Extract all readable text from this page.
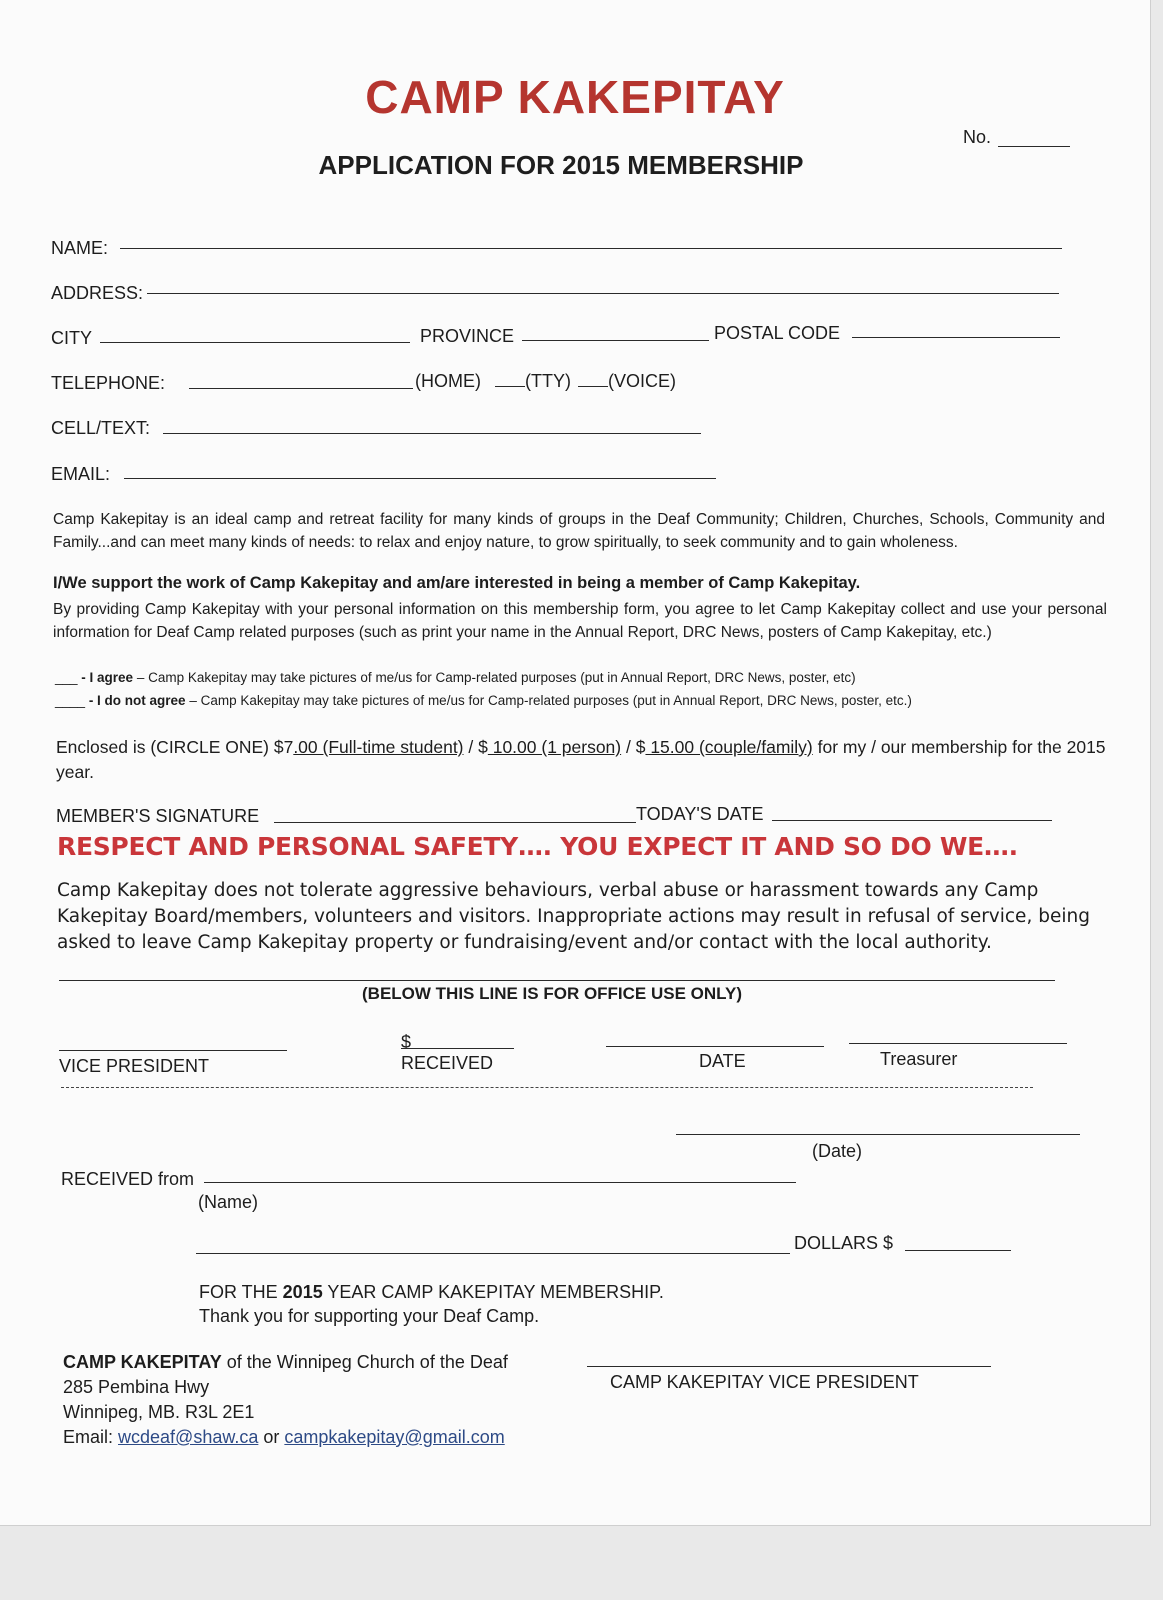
CAMP KAKEPITAY
APPLICATION FOR 2015 MEMBERSHIP
No.
NAME:
ADDRESS:
CITY	PROVINCE	POSTAL CODE
TELEPHONE:	(HOME) (TTY) (VOICE)
CELL/TEXT:
EMAIL:
Camp Kakepitay is an ideal camp and retreat facility for many kinds of groups in the Deaf Community; Children, Churches, Schools, Community and Family...and can meet many kinds of needs: to relax and enjoy nature, to grow spiritually, to seek community and to gain wholeness.
I/We support the work of Camp Kakepitay and am/are interested in being a member of Camp Kakepitay.
By providing Camp Kakepitay with your personal information on this membership form, you agree to let Camp Kakepitay collect and use your personal information for Deaf Camp related purposes (such as print your name in the Annual Report, DRC News, posters of Camp Kakepitay, etc.)
___ - I agree – Camp Kakepitay may take pictures of me/us for Camp-related purposes (put in Annual Report, DRC News, poster, etc)
____ - I do not agree – Camp Kakepitay may take pictures of me/us for Camp-related purposes (put in Annual Report, DRC News, poster, etc.)
Enclosed is (CIRCLE ONE) $7.00 (Full-time student) / $ 10.00 (1 person) / $ 15.00 (couple/family) for my / our membership for the 2015 year.
MEMBER'S SIGNATURE	TODAY'S DATE
RESPECT AND PERSONAL SAFETY…. YOU EXPECT IT AND SO DO WE….
Camp Kakepitay does not tolerate aggressive behaviours, verbal abuse or harassment towards any Camp Kakepitay Board/members, volunteers and visitors. Inappropriate actions may result in refusal of service, being asked to leave Camp Kakepitay property or fundraising/event and/or contact with the local authority.
(BELOW THIS LINE IS FOR OFFICE USE ONLY)
VICE PRESIDENT
$
RECEIVED	DATE	Treasurer
(Date)
RECEIVED from
(Name)
DOLLARS $
FOR THE 2015 YEAR CAMP KAKEPITAY MEMBERSHIP.
Thank you for supporting your Deaf Camp.
CAMP KAKEPITAY of the Winnipeg Church of the Deaf
285 Pembina Hwy
Winnipeg, MB. R3L 2E1
Email: wcdeaf@shaw.ca or campkakepitay@gmail.com
CAMP KAKEPITAY VICE PRESIDENT
